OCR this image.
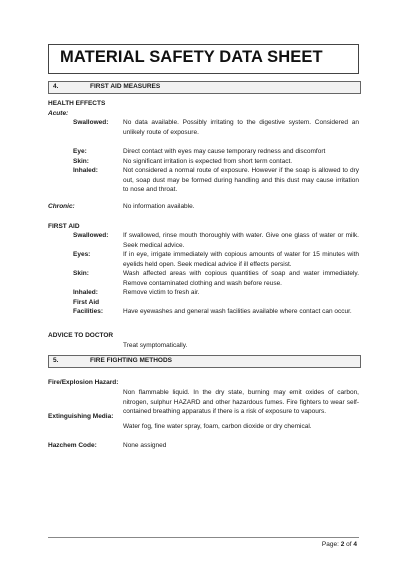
MATERIAL SAFETY DATA SHEET
4.	FIRST AID MEASURES
HEALTH EFFECTS
Acute:
Swallowed: No data available. Possibly irritating to the digestive system. Considered an unlikely route of exposure.
Eye:	Direct contact with eyes may cause temporary redness and discomfort
Skin:	No significant irritation is expected from short term contact.
Inhaled:	Not considered a normal route of exposure. However if the soap is allowed to dry out, soap dust may be formed during handling and this dust may cause irritation to nose and throat.
Chronic:	No information available.
FIRST AID
Swallowed: If swallowed, rinse mouth thoroughly with water. Give one glass of water or milk. Seek medical advice.
Eyes:	If in eye, irrigate immediately with copious amounts of water for 15 minutes with eyelids held open. Seek medical advice if ill effects persist.
Skin:	Wash affected areas with copious quantities of soap and water immediately. Remove contaminated clothing and wash before reuse.
Inhaled:	Remove victim to fresh air.
First Aid
Facilities:	Have eyewashes and general wash facilities available where contact can occur.
ADVICE TO DOCTOR
Treat symptomatically.
5.	FIRE FIGHTING METHODS
Fire/Explosion Hazard:
Non flammable liquid. In the dry state, burning may emit oxides of carbon, nitrogen, sulphur HAZARD and other hazardous fumes. Fire fighters to wear self-contained breathing apparatus if there is a risk of exposure to vapours.
Extinguishing Media:
Water fog, fine water spray, foam, carbon dioxide or dry chemical.
Hazchem Code:	None assigned
Page: 2 of 4
